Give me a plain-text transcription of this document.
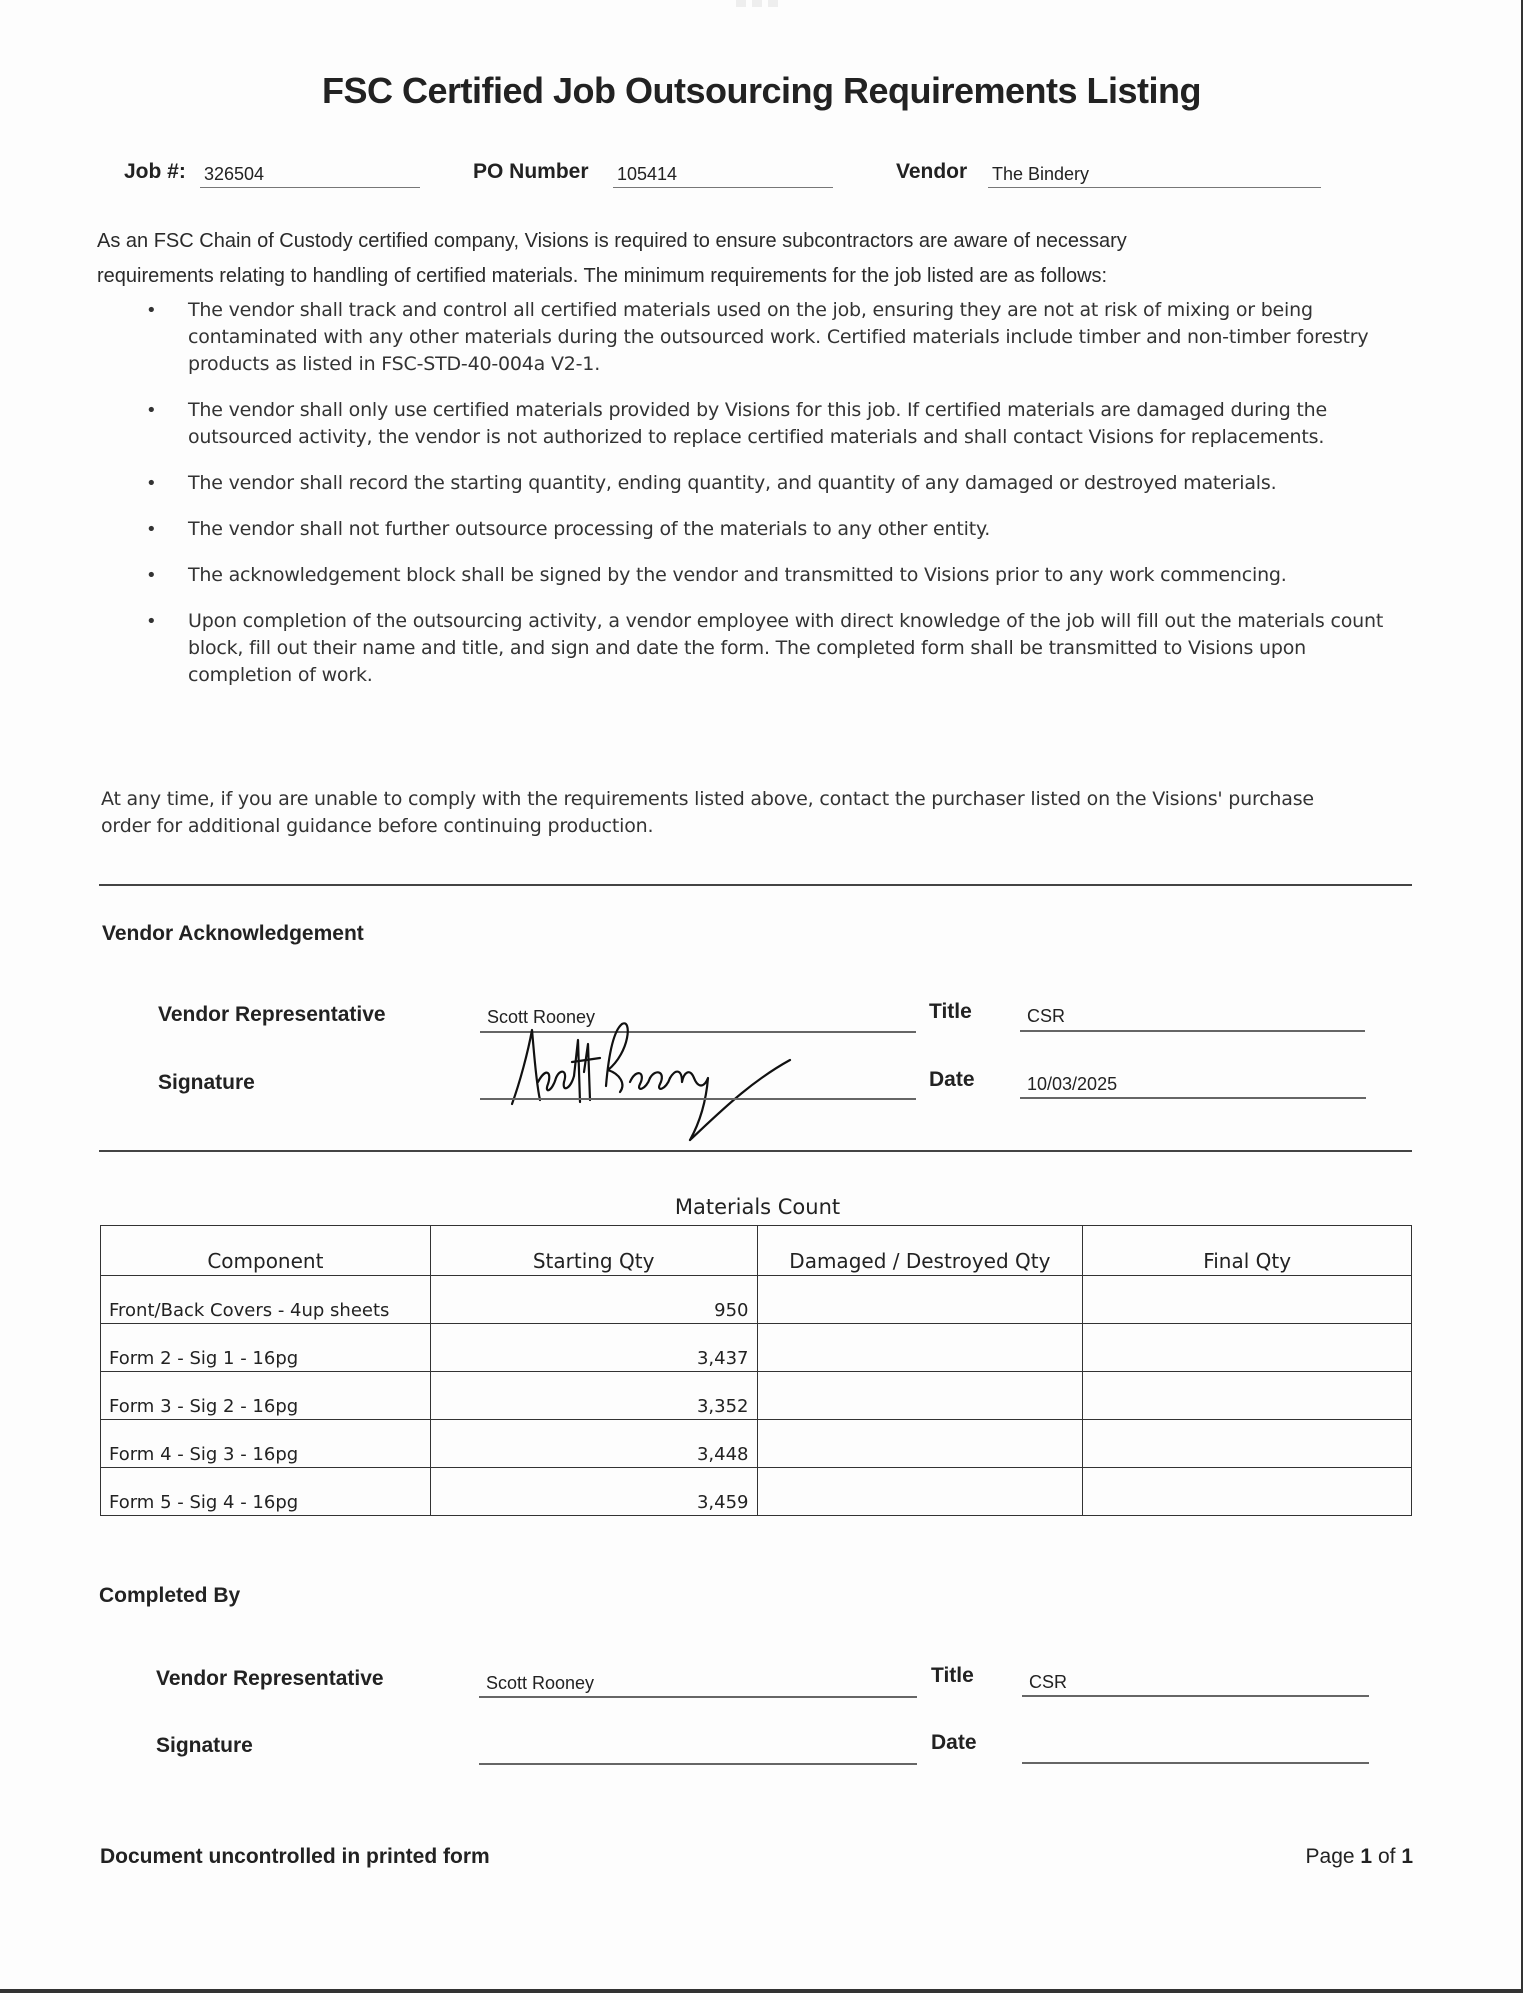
FSC Certified Job Outsourcing Requirements Listing
Job #: 326504	PO Number 105414	Vendor The Bindery
As an FSC Chain of Custody certified company, Visions is required to ensure subcontractors are aware of necessary
requirements relating to handling of certified materials. The minimum requirements for the job listed are as follows:
• The vendor shall track and control all certified materials used on the job, ensuring they are not at risk of mixing or being contaminated with any other materials during the outsourced work. Certified materials include timber and non-timber forestry products as listed in FSC-STD-40-004a V2-1.
• The vendor shall only use certified materials provided by Visions for this job. If certified materials are damaged during the outsourced activity, the vendor is not authorized to replace certified materials and shall contact Visions for replacements.
• The vendor shall record the starting quantity, ending quantity, and quantity of any damaged or destroyed materials.
• The vendor shall not further outsource processing of the materials to any other entity.
• The acknowledgement block shall be signed by the vendor and transmitted to Visions prior to any work commencing.
• Upon completion of the outsourcing activity, a vendor employee with direct knowledge of the job will fill out the materials count block, fill out their name and title, and sign and date the form. The completed form shall be transmitted to Visions upon completion of work.
At any time, if you are unable to comply with the requirements listed above, contact the purchaser listed on the Visions' purchase order for additional guidance before continuing production.
Vendor Acknowledgement
Vendor Representative	Scott Rooney	Title	CSR
Signature	Date	10/03/2025
Materials Count
Component	Starting Qty	Damaged / Destroyed Qty	Final Qty
Front/Back Covers - 4up sheets	950		
Form 2 - Sig 1 - 16pg	3,437		
Form 3 - Sig 2 - 16pg	3,352		
Form 4 - Sig 3 - 16pg	3,448		
Form 5 - Sig 4 - 16pg	3,459		
Completed By
Vendor Representative	Scott Rooney	Title	CSR
Signature	Date
Document uncontrolled in printed form	Page 1 of 1
